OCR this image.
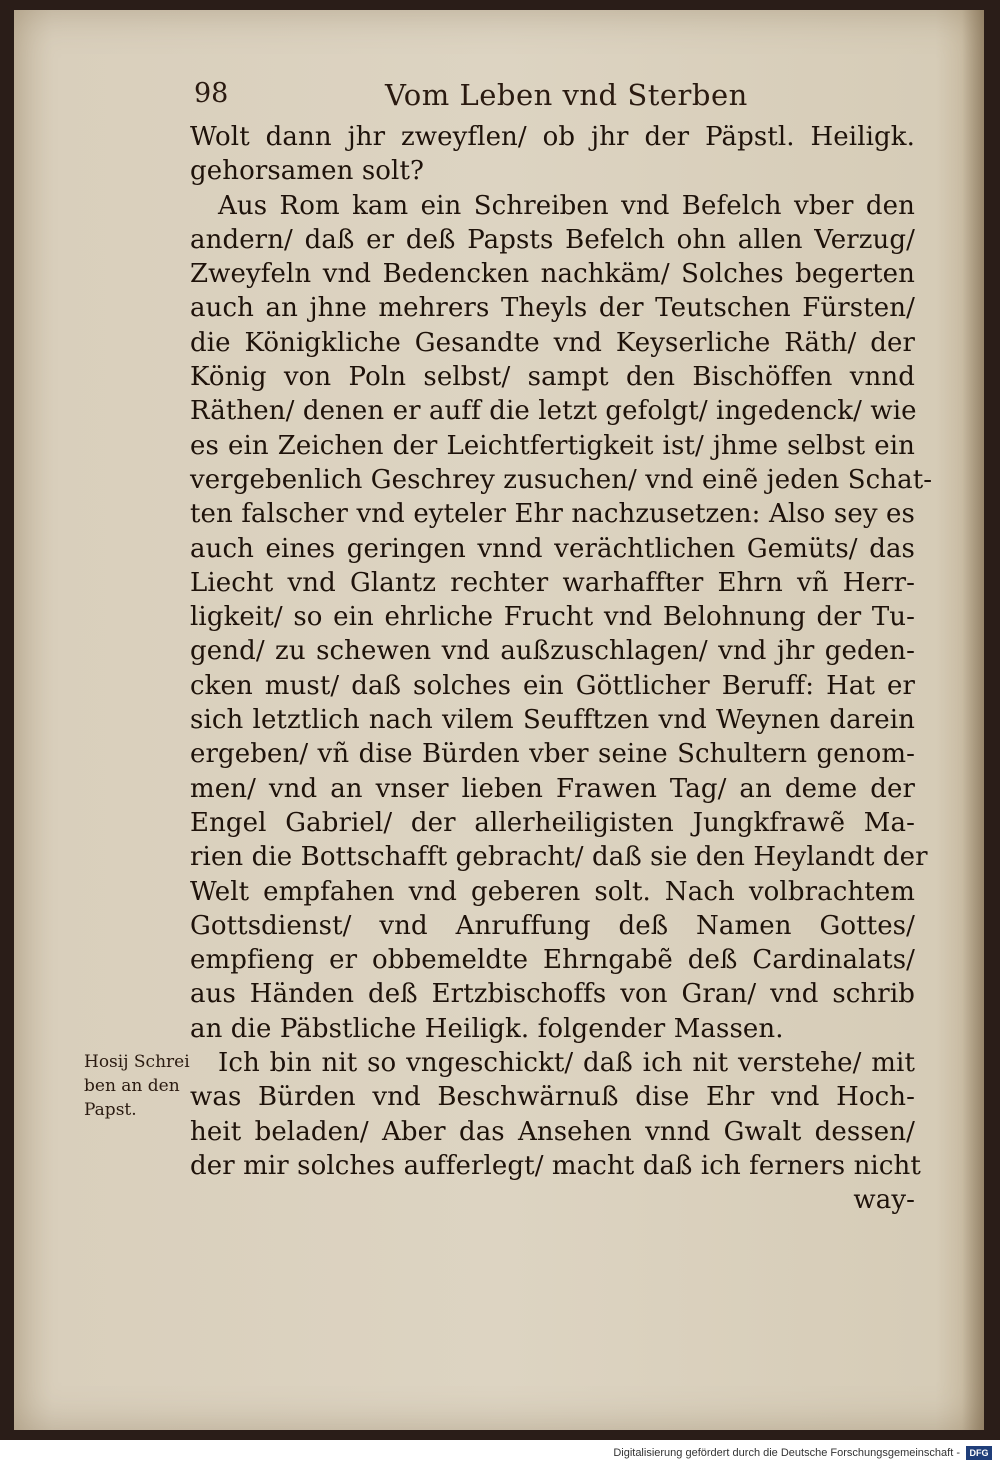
98	Vom Leben vnd Sterben
Wolt dann jhr zweyflen/ ob jhr der Päpstl. Heiligk.
gehorsamen solt?
Aus Rom kam ein Schreiben vnd Befelch vber den
andern/ daß er deß Papsts Befelch ohn allen Verzug/
Zweyfeln vnd Bedencken nachkäm/ Solches begerten
auch an jhne mehrers Theyls der Teutschen Fürsten/
die Königkliche Gesandte vnd Keyserliche Räth/ der
König von Poln selbst/ sampt den Bischöffen vnnd
Räthen/ denen er auff die letzt gefolgt/ ingedenck/ wie
es ein Zeichen der Leichtfertigkeit ist/ jhme selbst ein
vergebenlich Geschrey zusuchen/ vnd einẽ jeden Schat-
ten falscher vnd eyteler Ehr nachzusetzen: Also sey es
auch eines geringen vnnd verächtlichen Gemüts/ das
Liecht vnd Glantz rechter warhaffter Ehrn vñ Herr-
ligkeit/ so ein ehrliche Frucht vnd Belohnung der Tu-
gend/ zu schewen vnd außzuschlagen/ vnd jhr geden-
cken must/ daß solches ein Göttlicher Beruff: Hat er
sich letztlich nach vilem Seufftzen vnd Weynen darein
ergeben/ vñ dise Bürden vber seine Schultern genom-
men/ vnd an vnser lieben Frawen Tag/ an deme der
Engel Gabriel/ der allerheiligisten Jungkfrawẽ Ma-
rien die Bottschafft gebracht/ daß sie den Heylandt der
Welt empfahen vnd geberen solt. Nach volbrachtem
Gottsdienst/ vnd Anruffung deß Namen Gottes/
empfieng er obbemeldte Ehrngabẽ deß Cardinalats/
aus Händen deß Ertzbischoffs von Gran/ vnd schrib
an die Päbstliche Heiligk. folgender Massen.
Ich bin nit so vngeschickt/ daß ich nit verstehe/ mit
was Bürden vnd Beschwärnuß dise Ehr vnd Hoch-
heit beladen/ Aber das Ansehen vnnd Gwalt dessen/
der mir solches aufferlegt/ macht daß ich ferners nicht
way-
Hosij Schrei
ben an den
Papst.
Digitalisierung gefördert durch die Deutsche Forschungsgemeinschaft -	DFG
